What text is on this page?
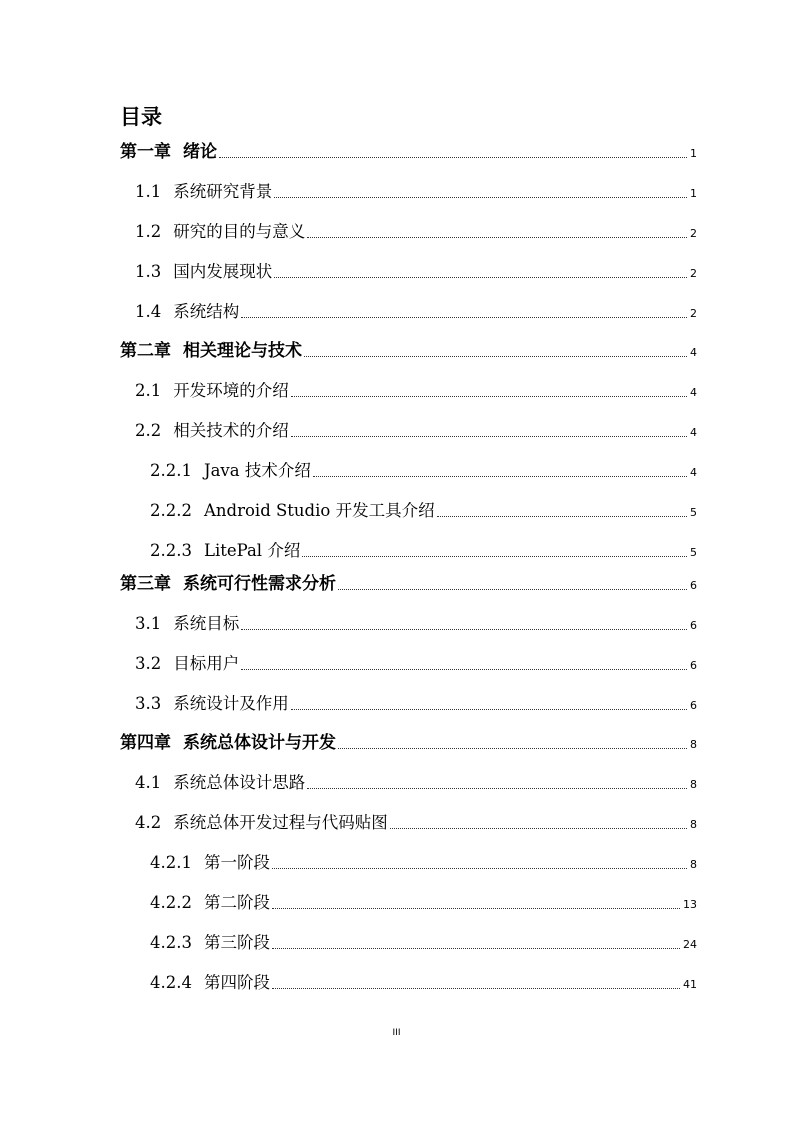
目录
第一章 绪论	1
1.1 系统研究背景	1
1.2 研究的目的与意义	2
1.3 国内发展现状	2
1.4 系统结构	2
第二章 相关理论与技术	4
2.1 开发环境的介绍	4
2.2 相关技术的介绍	4
2.2.1 Java 技术介绍	4
2.2.2 Android Studio 开发工具介绍	5
2.2.3 LitePal 介绍	5
第三章 系统可行性需求分析	6
3.1 系统目标	6
3.2 目标用户	6
3.3 系统设计及作用	6
第四章 系统总体设计与开发	8
4.1 系统总体设计思路	8
4.2 系统总体开发过程与代码贴图	8
4.2.1 第一阶段	8
4.2.2 第二阶段	13
4.2.3 第三阶段	24
4.2.4 第四阶段	41
III
